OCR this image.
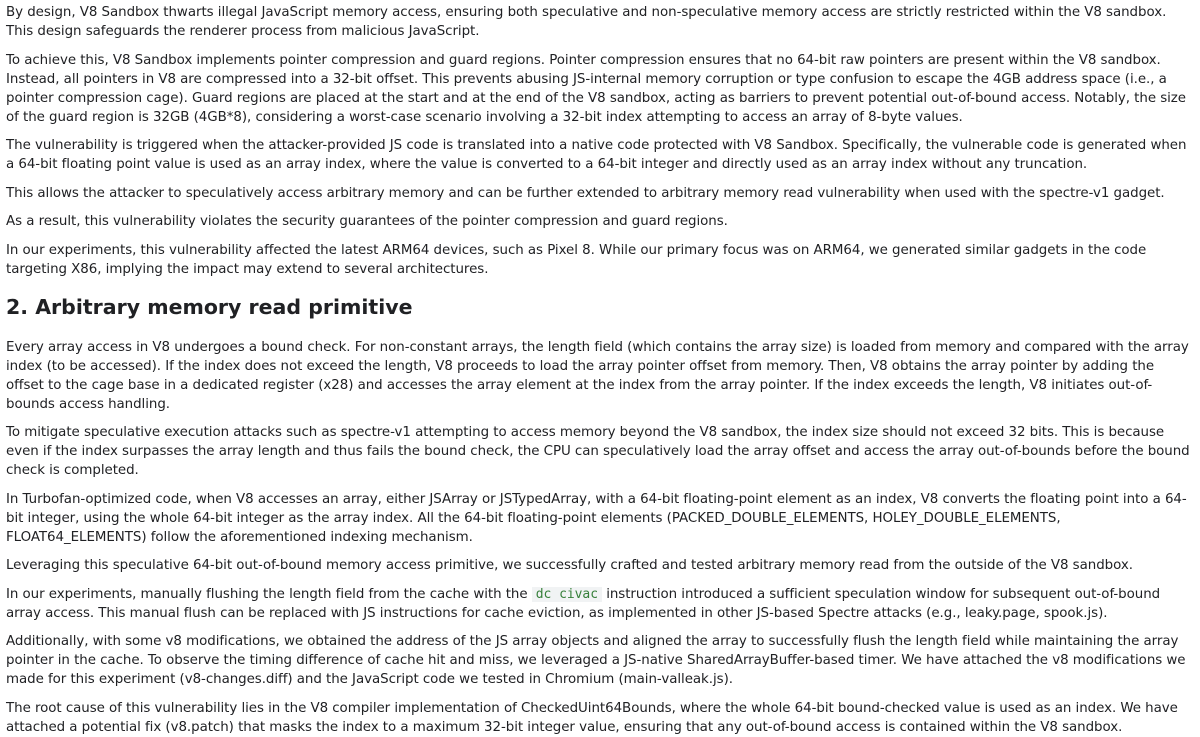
By design, V8 Sandbox thwarts illegal JavaScript memory access, ensuring both speculative and non-speculative memory access are strictly restricted within the V8 sandbox. This design safeguards the renderer process from malicious JavaScript.

To achieve this, V8 Sandbox implements pointer compression and guard regions. Pointer compression ensures that no 64-bit raw pointers are present within the V8 sandbox. Instead, all pointers in V8 are compressed into a 32-bit offset. This prevents abusing JS-internal memory corruption or type confusion to escape the 4GB address space (i.e., a pointer compression cage). Guard regions are placed at the start and at the end of the V8 sandbox, acting as barriers to prevent potential out-of-bound access. Notably, the size of the guard region is 32GB (4GB*8), considering a worst-case scenario involving a 32-bit index attempting to access an array of 8-byte values.

The vulnerability is triggered when the attacker-provided JS code is translated into a native code protected with V8 Sandbox. Specifically, the vulnerable code is generated when a 64-bit floating point value is used as an array index, where the value is converted to a 64-bit integer and directly used as an array index without any truncation.

This allows the attacker to speculatively access arbitrary memory and can be further extended to arbitrary memory read vulnerability when used with the spectre-v1 gadget.

As a result, this vulnerability violates the security guarantees of the pointer compression and guard regions.

In our experiments, this vulnerability affected the latest ARM64 devices, such as Pixel 8. While our primary focus was on ARM64, we generated similar gadgets in the code targeting X86, implying the impact may extend to several architectures.

2. Arbitrary memory read primitive

Every array access in V8 undergoes a bound check. For non-constant arrays, the length field (which contains the array size) is loaded from memory and compared with the array index (to be accessed). If the index does not exceed the length, V8 proceeds to load the array pointer offset from memory. Then, V8 obtains the array pointer by adding the offset to the cage base in a dedicated register (x28) and accesses the array element at the index from the array pointer. If the index exceeds the length, V8 initiates out-of-bounds access handling.

To mitigate speculative execution attacks such as spectre-v1 attempting to access memory beyond the V8 sandbox, the index size should not exceed 32 bits. This is because even if the index surpasses the array length and thus fails the bound check, the CPU can speculatively load the array offset and access the array out-of-bounds before the bound check is completed.

In Turbofan-optimized code, when V8 accesses an array, either JSArray or JSTypedArray, with a 64-bit floating-point element as an index, V8 converts the floating point into a 64-bit integer, using the whole 64-bit integer as the array index. All the 64-bit floating-point elements (PACKED_DOUBLE_ELEMENTS, HOLEY_DOUBLE_ELEMENTS, FLOAT64_ELEMENTS) follow the aforementioned indexing mechanism.

Leveraging this speculative 64-bit out-of-bound memory access primitive, we successfully crafted and tested arbitrary memory read from the outside of the V8 sandbox.

In our experiments, manually flushing the length field from the cache with the dc civac instruction introduced a sufficient speculation window for subsequent out-of-bound array access. This manual flush can be replaced with JS instructions for cache eviction, as implemented in other JS-based Spectre attacks (e.g., leaky.page, spook.js).

Additionally, with some v8 modifications, we obtained the address of the JS array objects and aligned the array to successfully flush the length field while maintaining the array pointer in the cache. To observe the timing difference of cache hit and miss, we leveraged a JS-native SharedArrayBuffer-based timer. We have attached the v8 modifications we made for this experiment (v8-changes.diff) and the JavaScript code we tested in Chromium (main-valleak.js).

The root cause of this vulnerability lies in the V8 compiler implementation of CheckedUint64Bounds, where the whole 64-bit bound-checked value is used as an index. We have attached a potential fix (v8.patch) that masks the index to a maximum 32-bit integer value, ensuring that any out-of-bound access is contained within the V8 sandbox.
